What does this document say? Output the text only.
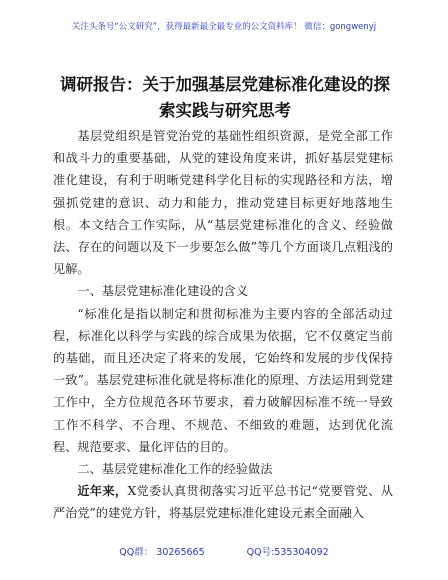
关注头条号“公文研究”，获得最新最全最专业的公文资料库！ 微信：gongwenyj
调研报告：关于加强基层党建标准化建设的探索实践与研究思考

基层党组织是管党治党的基础性组织资源，是党全部工作和战斗力的重要基础，从党的建设角度来讲，抓好基层党建标准化建设，有利于明晰党建科学化目标的实现路径和方法，增强抓党建的意识、动力和能力，推动党建目标更好地落地生根。本文结合工作实际，从“基层党建标准化的含义、经验做法、存在的问题以及下一步要怎么做”等几个方面谈几点粗浅的见解。

一、基层党建标准化建设的含义

“标准化是指以制定和贯彻标准为主要内容的全部活动过程，标准化以科学与实践的综合成果为依据，它不仅奠定当前的基础，而且还决定了将来的发展，它始终和发展的步伐保持一致”。基层党建标准化就是将标准化的原理、方法运用到党建工作中，全方位规范各环节要求，着力破解因标准不统一导致工作不科学、不合理、不规范、不细致的难题，达到优化流程、规范要求、量化评估的目的。

二、基层党建标准化工作的经验做法

近年来，X党委认真贯彻落实习近平总书记“党要管党、从严治党”的建党方针，将基层党建标准化建设元素全面融入

QQ群： 30265665	QQ号:535304092
